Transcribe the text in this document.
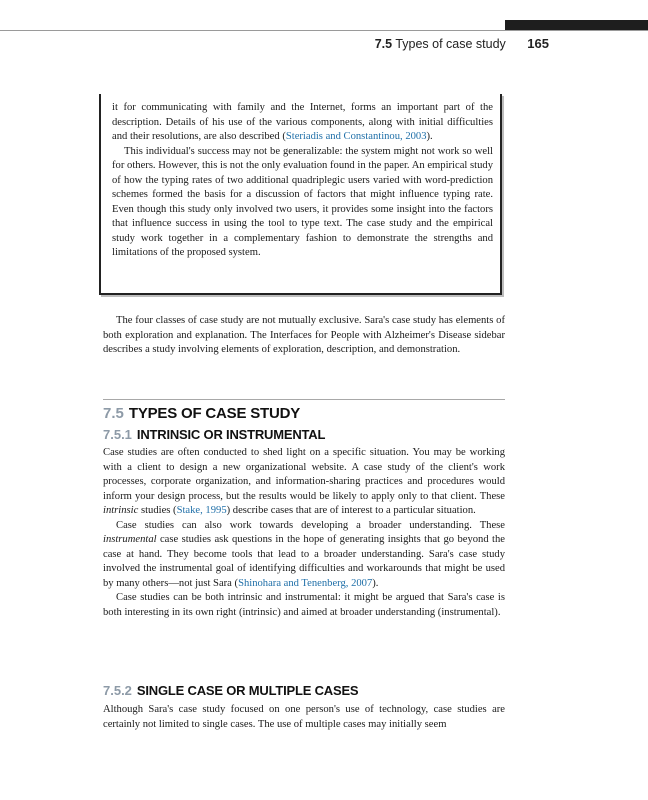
7.5 Types of case study 165

it for communicating with family and the Internet, forms an important part of the description. Details of his use of the various components, along with initial difficulties and their resolutions, are also described (Steriadis and Constantinou, 2003).

This individual's success may not be generalizable: the system might not work so well for others. However, this is not the only evaluation found in the paper. An empirical study of how the typing rates of two additional quadriplegic users varied with word-prediction schemes formed the basis for a discussion of factors that might influence typing rate. Even though this study only involved two users, it provides some insight into the factors that influence success in using the tool to type text. The case study and the empirical study work together in a complementary fashion to demonstrate the strengths and limitations of the proposed system.

The four classes of case study are not mutually exclusive. Sara's case study has elements of both exploration and explanation. The Interfaces for People with Alzheimer's Disease sidebar describes a study involving elements of exploration, description, and demonstration.

7.5 TYPES OF CASE STUDY
7.5.1 INTRINSIC OR INSTRUMENTAL

Case studies are often conducted to shed light on a specific situation. You may be working with a client to design a new organizational website. A case study of the client's work processes, corporate organization, and information-sharing practices and procedures would inform your design process, but the results would be likely to apply only to that client. These intrinsic studies (Stake, 1995) describe cases that are of interest to a particular situation.

Case studies can also work towards developing a broader understanding. These instrumental case studies ask questions in the hope of generating insights that go beyond the case at hand. They become tools that lead to a broader understanding. Sara's case study involved the instrumental goal of identifying difficulties and workarounds that might be used by many others—not just Sara (Shinohara and Tenenberg, 2007).

Case studies can be both intrinsic and instrumental: it might be argued that Sara's case is both interesting in its own right (intrinsic) and aimed at broader understanding (instrumental).

7.5.2 SINGLE CASE OR MULTIPLE CASES

Although Sara's case study focused on one person's use of technology, case studies are certainly not limited to single cases. The use of multiple cases may initially seem
